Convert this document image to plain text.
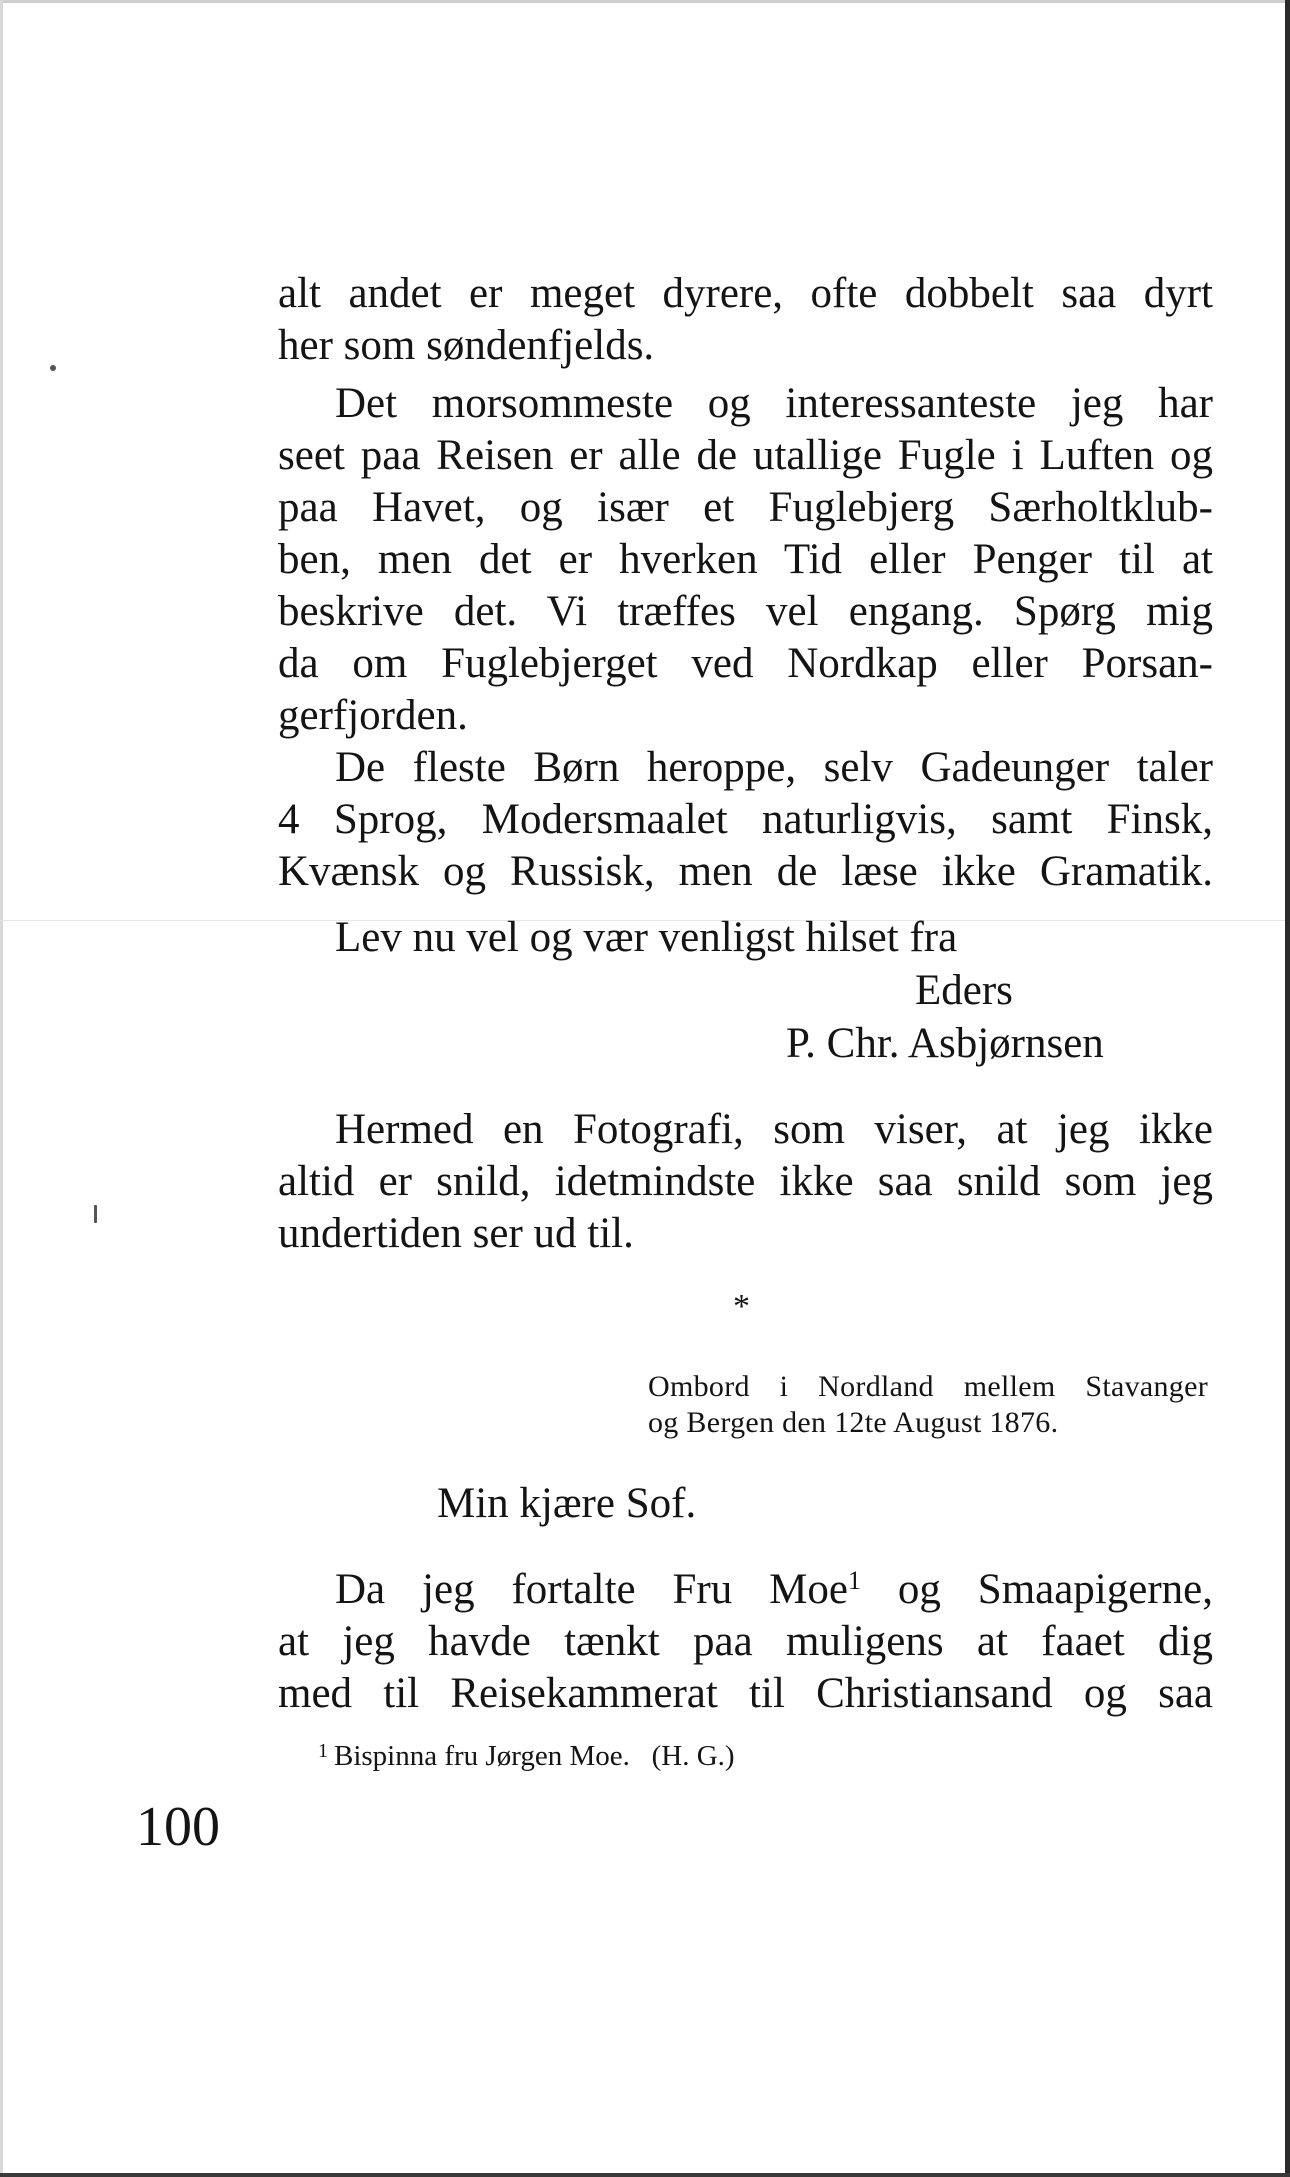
alt andet er meget dyrere, ofte dobbelt saa dyrt
her som søndenfjelds.
Det morsommeste og interessanteste jeg har
seet paa Reisen er alle de utallige Fugle i Luften og
paa Havet, og især et Fuglebjerg Særholtklub-
ben, men det er hverken Tid eller Penger til at
beskrive det. Vi træffes vel engang. Spørg mig
da om Fuglebjerget ved Nordkap eller Porsan-
gerfjorden.
De fleste Børn heroppe, selv Gadeunger taler
4 Sprog, Modersmaalet naturligvis, samt Finsk,
Kvænsk og Russisk, men de læse ikke Gramatik.
Lev nu vel og vær venligst hilset fra
Eders
P. Chr. Asbjørnsen
Hermed en Fotografi, som viser, at jeg ikke
altid er snild, idetmindste ikke saa snild som jeg
undertiden ser ud til.
*
Ombord i Nordland mellem Stavanger
og Bergen den 12te August 1876.
Min kjære Sof.
Da jeg fortalte Fru Moe$^1$ og Smaapigerne,
at jeg havde tænkt paa muligens at faaet dig
med til Reisekammerat til Christiansand og saa
$^1$ Bispinna fru Jørgen Moe.   (H. G.)
100
